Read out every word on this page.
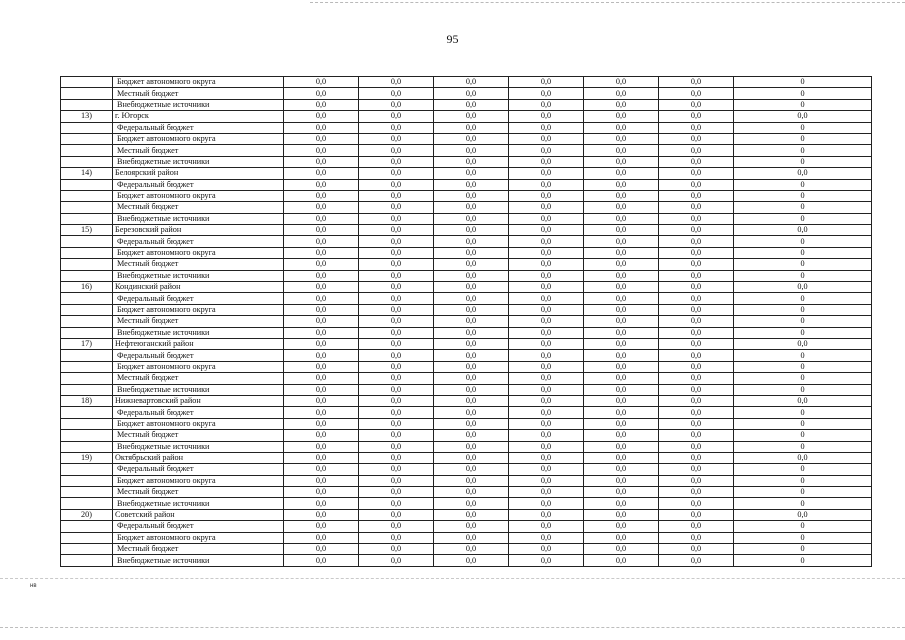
95
	Бюджет автономного округа	0,0	0,0	0,0	0,0	0,0	0,0	0
	Местный бюджет	0,0	0,0	0,0	0,0	0,0	0,0	0
	Внебюджетные источники	0,0	0,0	0,0	0,0	0,0	0,0	0
13)	г. Югорск	0,0	0,0	0,0	0,0	0,0	0,0	0,0
	Федеральный бюджет	0,0	0,0	0,0	0,0	0,0	0,0	0
	Бюджет автономного округа	0,0	0,0	0,0	0,0	0,0	0,0	0
	Местный бюджет	0,0	0,0	0,0	0,0	0,0	0,0	0
	Внебюджетные источники	0,0	0,0	0,0	0,0	0,0	0,0	0
14)	Белоярский район	0,0	0,0	0,0	0,0	0,0	0,0	0,0
	Федеральный бюджет	0,0	0,0	0,0	0,0	0,0	0,0	0
	Бюджет автономного округа	0,0	0,0	0,0	0,0	0,0	0,0	0
	Местный бюджет	0,0	0,0	0,0	0,0	0,0	0,0	0
	Внебюджетные источники	0,0	0,0	0,0	0,0	0,0	0,0	0
15)	Березовский район	0,0	0,0	0,0	0,0	0,0	0,0	0,0
	Федеральный бюджет	0,0	0,0	0,0	0,0	0,0	0,0	0
	Бюджет автономного округа	0,0	0,0	0,0	0,0	0,0	0,0	0
	Местный бюджет	0,0	0,0	0,0	0,0	0,0	0,0	0
	Внебюджетные источники	0,0	0,0	0,0	0,0	0,0	0,0	0
16)	Кондинский район	0,0	0,0	0,0	0,0	0,0	0,0	0,0
	Федеральный бюджет	0,0	0,0	0,0	0,0	0,0	0,0	0
	Бюджет автономного округа	0,0	0,0	0,0	0,0	0,0	0,0	0
	Местный бюджет	0,0	0,0	0,0	0,0	0,0	0,0	0
	Внебюджетные источники	0,0	0,0	0,0	0,0	0,0	0,0	0
17)	Нефтеюганский район	0,0	0,0	0,0	0,0	0,0	0,0	0,0
	Федеральный бюджет	0,0	0,0	0,0	0,0	0,0	0,0	0
	Бюджет автономного округа	0,0	0,0	0,0	0,0	0,0	0,0	0
	Местный бюджет	0,0	0,0	0,0	0,0	0,0	0,0	0
	Внебюджетные источники	0,0	0,0	0,0	0,0	0,0	0,0	0
18)	Нижневартовский район	0,0	0,0	0,0	0,0	0,0	0,0	0,0
	Федеральный бюджет	0,0	0,0	0,0	0,0	0,0	0,0	0
	Бюджет автономного округа	0,0	0,0	0,0	0,0	0,0	0,0	0
	Местный бюджет	0,0	0,0	0,0	0,0	0,0	0,0	0
	Внебюджетные источники	0,0	0,0	0,0	0,0	0,0	0,0	0
19)	Октябрьский район	0,0	0,0	0,0	0,0	0,0	0,0	0,0
	Федеральный бюджет	0,0	0,0	0,0	0,0	0,0	0,0	0
	Бюджет автономного округа	0,0	0,0	0,0	0,0	0,0	0,0	0
	Местный бюджет	0,0	0,0	0,0	0,0	0,0	0,0	0
	Внебюджетные источники	0,0	0,0	0,0	0,0	0,0	0,0	0
20)	Советский район	0,0	0,0	0,0	0,0	0,0	0,0	0,0
	Федеральный бюджет	0,0	0,0	0,0	0,0	0,0	0,0	0
	Бюджет автономного округа	0,0	0,0	0,0	0,0	0,0	0,0	0
	Местный бюджет	0,0	0,0	0,0	0,0	0,0	0,0	0
	Внебюджетные источники	0,0	0,0	0,0	0,0	0,0	0,0	0
нв
